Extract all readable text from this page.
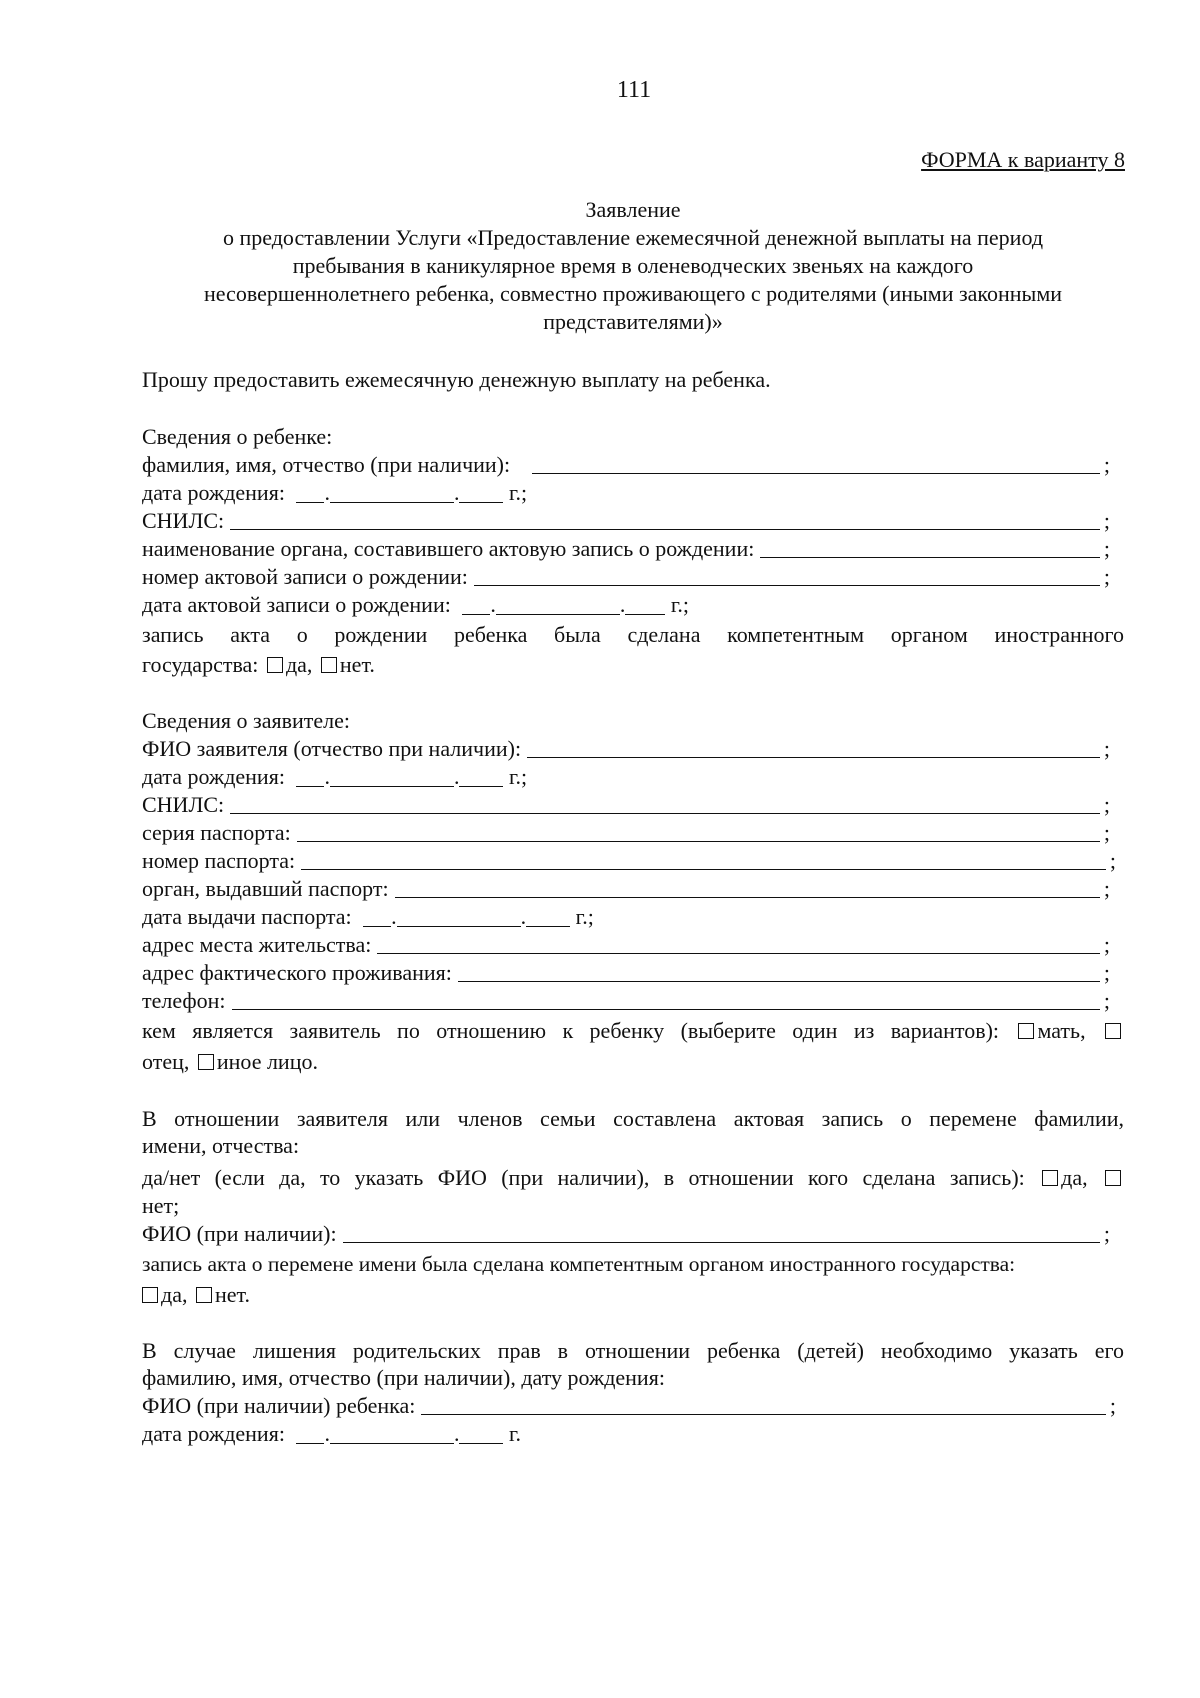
111
ФОРМА к варианту 8
Заявление
о предоставлении Услуги «Предоставление ежемесячной денежной выплаты на период
пребывания в каникулярное время в оленеводческих звеньях на каждого
несовершеннолетнего ребенка, совместно проживающего с родителями (иными законными
представителями)»
Прошу предоставить ежемесячную денежную выплату на ребенка.
Сведения о ребенке:
фамилия, имя, отчество (при наличии):	;
дата рождения: .	. г.;
СНИЛС:	;
наименование органа, составившего актовую запись о рождении:	;
номер актовой записи о рождении:	;
дата актовой записи о рождении: .	. г.;
запись акта о рождении ребенка была сделана компетентным органом иностранного
государства: да, нет.
Сведения о заявителе:
ФИО заявителя (отчество при наличии):	;
дата рождения: .	. г.;
СНИЛС:	;
серия паспорта:	;
номер паспорта:	;
орган, выдавший паспорт:	;
дата выдачи паспорта: .	. г.;
адрес места жительства:	;
адрес фактического проживания:	;
телефон:	;
кем является заявитель по отношению к ребенку (выберите один из вариантов): мать,
отец, иное лицо.
В отношении заявителя или членов семьи составлена актовая запись о перемене фамилии,
имени, отчества:
да/нет (если да, то указать ФИО (при наличии), в отношении кого сделана запись): да,
нет;
ФИО (при наличии):	;
запись акта о перемене имени была сделана компетентным органом иностранного государства:
да, нет.
В случае лишения родительских прав в отношении ребенка (детей) необходимо указать его
фамилию, имя, отчество (при наличии), дату рождения:
ФИО (при наличии) ребенка:	;
дата рождения: .	. г.
